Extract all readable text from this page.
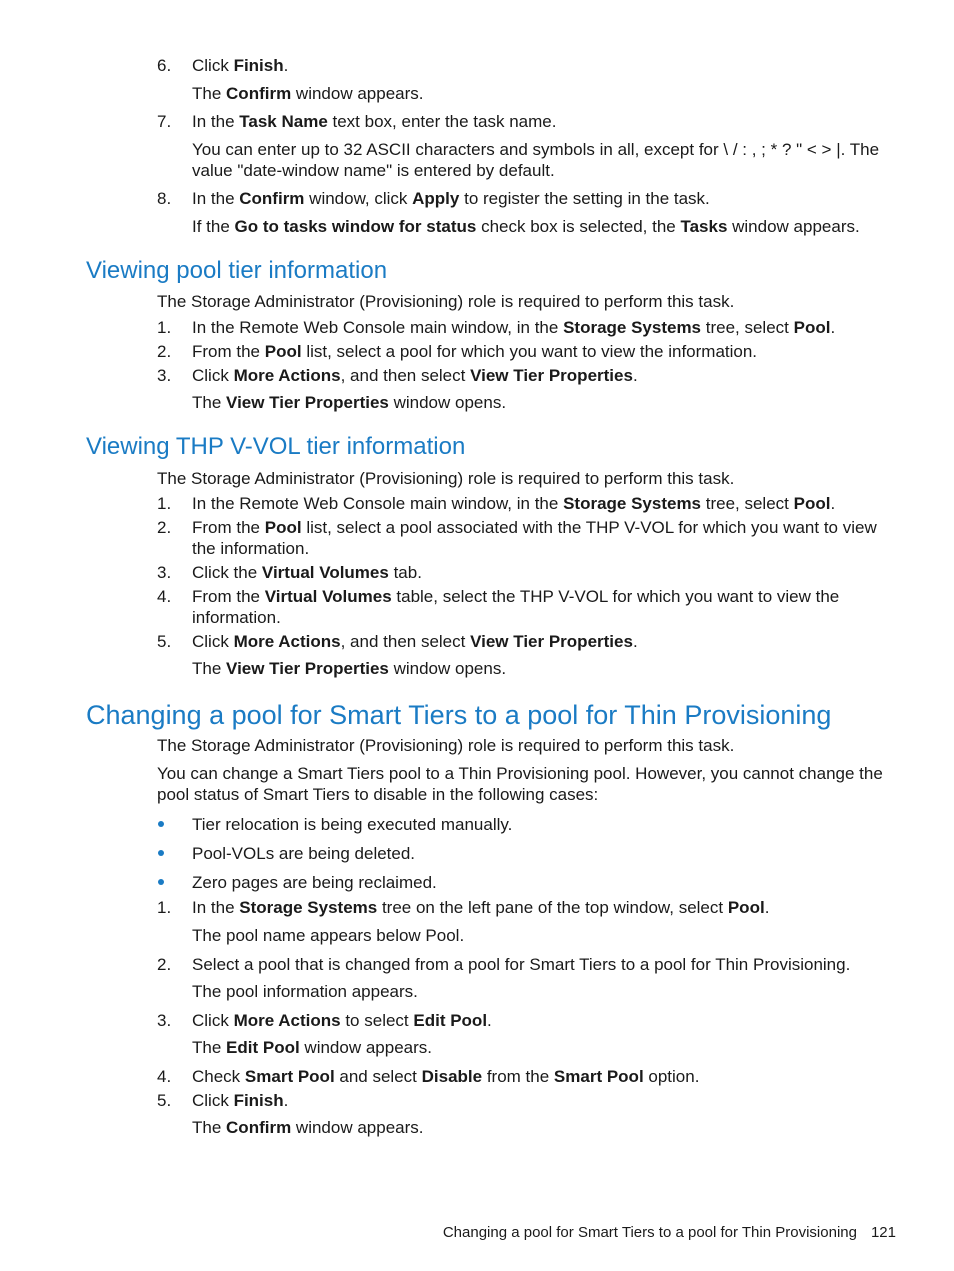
6.	Click Finish.
The Confirm window appears.
7.	In the Task Name text box, enter the task name.
You can enter up to 32 ASCII characters and symbols in all, except for \ / : , ; * ? " < > |. The value "date-window name" is entered by default.
8.	In the Confirm window, click Apply to register the setting in the task.
If the Go to tasks window for status check box is selected, the Tasks window appears.
Viewing pool tier information
The Storage Administrator (Provisioning) role is required to perform this task.
1.	In the Remote Web Console main window, in the Storage Systems tree, select Pool.
2.	From the Pool list, select a pool for which you want to view the information.
3.	Click More Actions, and then select View Tier Properties.
The View Tier Properties window opens.
Viewing THP V-VOL tier information
The Storage Administrator (Provisioning) role is required to perform this task.
1.	In the Remote Web Console main window, in the Storage Systems tree, select Pool.
2.	From the Pool list, select a pool associated with the THP V-VOL for which you want to view the information.
3.	Click the Virtual Volumes tab.
4.	From the Virtual Volumes table, select the THP V-VOL for which you want to view the information.
5.	Click More Actions, and then select View Tier Properties.
The View Tier Properties window opens.
Changing a pool for Smart Tiers to a pool for Thin Provisioning
The Storage Administrator (Provisioning) role is required to perform this task.
You can change a Smart Tiers pool to a Thin Provisioning pool. However, you cannot change the pool status of Smart Tiers to disable in the following cases:
Tier relocation is being executed manually.
Pool-VOLs are being deleted.
Zero pages are being reclaimed.
1.	In the Storage Systems tree on the left pane of the top window, select Pool.
The pool name appears below Pool.
2.	Select a pool that is changed from a pool for Smart Tiers to a pool for Thin Provisioning.
The pool information appears.
3.	Click More Actions to select Edit Pool.
The Edit Pool window appears.
4.	Check Smart Pool and select Disable from the Smart Pool option.
5.	Click Finish.
The Confirm window appears.
Changing a pool for Smart Tiers to a pool for Thin Provisioning 121
